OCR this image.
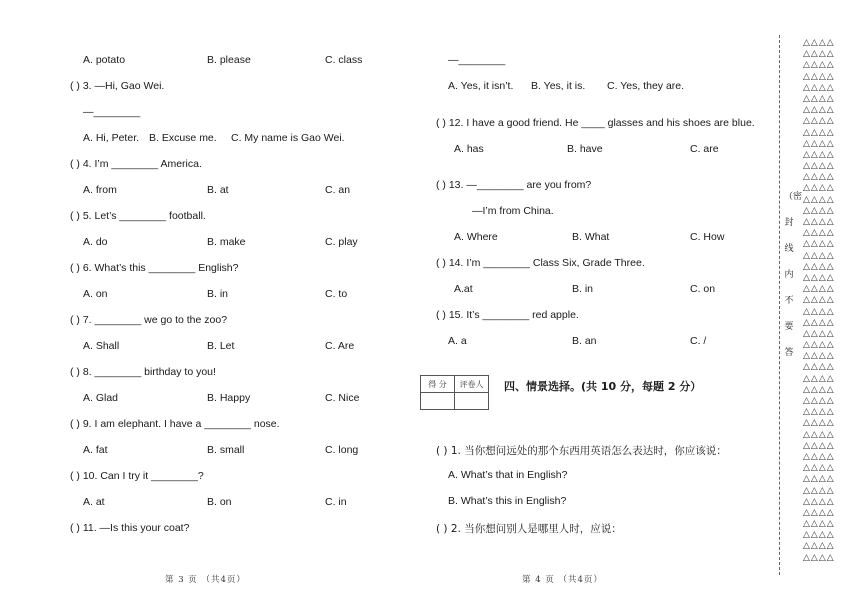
A. potato	B. please	C. class
( ) 3. —Hi, Gao Wei.
—________
A. Hi, Peter. B. Excuse me. C. My name is Gao Wei.
( ) 4. I’m ________ America.
A. from	B. at	C. an
( ) 5. Let’s ________ football.
A. do	B. make	C. play
( ) 6. What’s this ________ English?
A. on	B. in	C. to
( ) 7. ________ we go to the zoo?
A. Shall	B. Let	C. Are
( ) 8. ________ birthday to you!
A. Glad	B. Happy	C. Nice
( ) 9. I am elephant. I have a ________ nose.
A. fat	B. small	C. long
( ) 10. Can I try it ________?
A. at	B. on	C. in
( ) 11. —Is this your coat?
第 3 页 （共4页）
—________
A. Yes, it isn’t. B. Yes, it is. C. Yes, they are.
( ) 12. I have a good friend. He ____ glasses and his shoes are blue.
A. has	B. have	C. are
( ) 13. —________ are you from?
—I’m from China.
A. Where	B. What	C. How
( ) 14. I’m ________ Class Six, Grade Three.
A.at	B. in	C. on
( ) 15. It’s ________ red apple.
A. a	B. an	C. /
得 分	评卷人
	四、情景选择。(共 10 分，每题 2 分）
( ) 1. 当你想问远处的那个东西用英语怎么表达时，你应该说：
A. What’s that in English?
B. What’s this in English?
( ) 2. 当你想问别人是哪里人时，应说：
第 4 页 （共4页）
（密
封
线
内
不
要
答
△△△△
△△△△
△△△△
△△△△
△△△△
△△△△
△△△△
△△△△
△△△△
△△△△
△△△△
△△△△
△△△△
△△△△
△△△△
△△△△
△△△△
△△△△
△△△△
△△△△
△△△△
△△△△
△△△△
△△△△
△△△△
△△△△
△△△△
△△△△
△△△△
△△△△
△△△△
△△△△
△△△△
△△△△
△△△△
△△△△
△△△△
△△△△
△△△△
△△△△
△△△△
△△△△
△△△△
△△△△
△△△△
△△△△
△△△△
